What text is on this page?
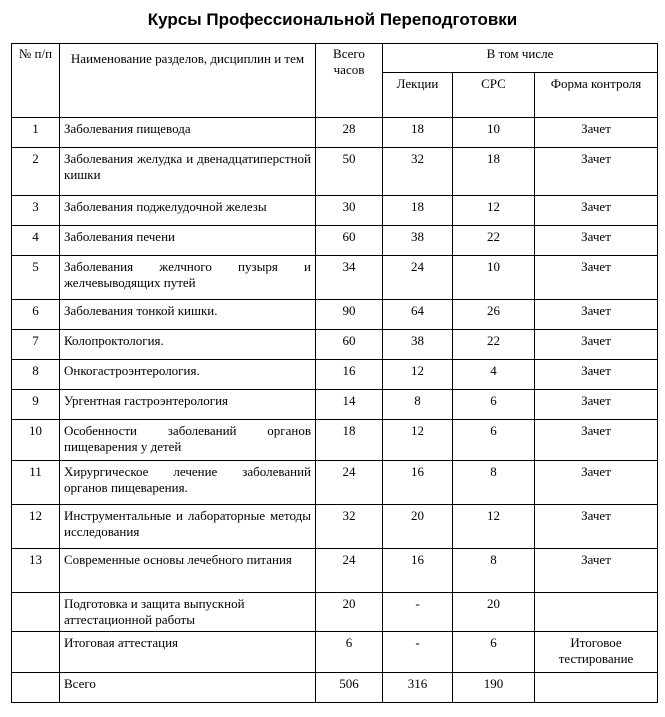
Курсы Профессиональной Переподготовки
№ п/п	Наименование разделов, дисциплин и тем	Всего часов	В том числе		
			Лекции	СРС	Форма контроля
1	Заболевания пищевода	28	18	10	Зачет
2	Заболевания желудка и двенадцатиперстной кишки	50	32	18	Зачет
3	Заболевания поджелудочной железы	30	18	12	Зачет
4	Заболевания печени	60	38	22	Зачет
5	Заболевания желчного пузыря и желчевыводящих путей	34	24	10	Зачет
6	Заболевания тонкой кишки.	90	64	26	Зачет
7	Колопроктология.	60	38	22	Зачет
8	Онкогастроэнтерология.	16	12	4	Зачет
9	Ургентная гастроэнтерология	14	8	6	Зачет
10	Особенности заболеваний органов пищеварения у детей	18	12	6	Зачет
11	Хирургическое лечение заболеваний органов пищеварения.	24	16	8	Зачет
12	Инструментальные и лабораторные методы исследования	32	20	12	Зачет
13	Современные основы лечебного питания	24	16	8	Зачет
	Подготовка и защита выпускной аттестационной работы	20	-	20	
	Итоговая аттестация	6	-	6	Итоговое тестирование
	Всего	506	316	190	
